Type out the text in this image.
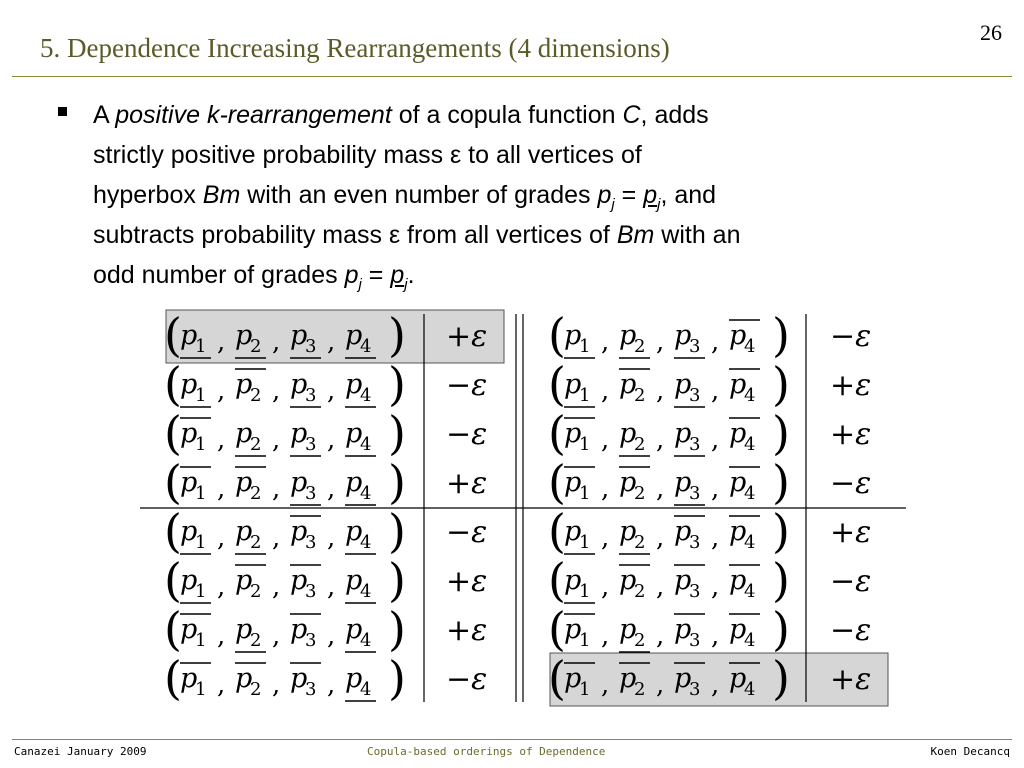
5. Dependence Increasing Rearrangements (4 dimensions)
26
A positive k-rearrangement of a copula function C, adds
strictly positive probability mass ε to all vertices of
hyperbox Bm with an even number of grades $p_j = p_j$, and
subtracts probability mass ε from all vertices of Bm with an
odd number of grades $p_j = p_j$.
(
p
1 , p
2 , p
3 , p
4 ) +ε
(
p
1 , p
2 , p
3 , p
4 ) −ε
(
p
1 , p
2 , p
3 , p
4 ) −ε
(
p
1 , p
2 , p
3 , p
4 ) +ε
(
p
1 , p
2 , p
3 , p
4 ) −ε
(
p
1 , p
2 , p
3 , p
4 ) +ε
(
p
1 , p
2 , p
3 , p
4 ) +ε
(
p
1 , p
2 , p
3 , p
4 ) −ε
(
p
1 , p
2 , p
3 , p
4 ) −ε
(
p
1 , p
2 , p
3 , p
4 ) +ε
(
p
1 , p
2 , p
3 , p
4 ) +ε
(
p
1 , p
2 , p
3 , p
4 ) −ε
(
p
1 , p
2 , p
3 , p
4 ) +ε
(
p
1 , p
2 , p
3 , p
4 ) −ε
(
p
1 , p
2 , p
3 , p
4 ) −ε
(
p
1 , p
2 , p
3 , p
4 ) +ε
Canazei January 2009	Copula-based orderings of Dependence	Koen Decancq
